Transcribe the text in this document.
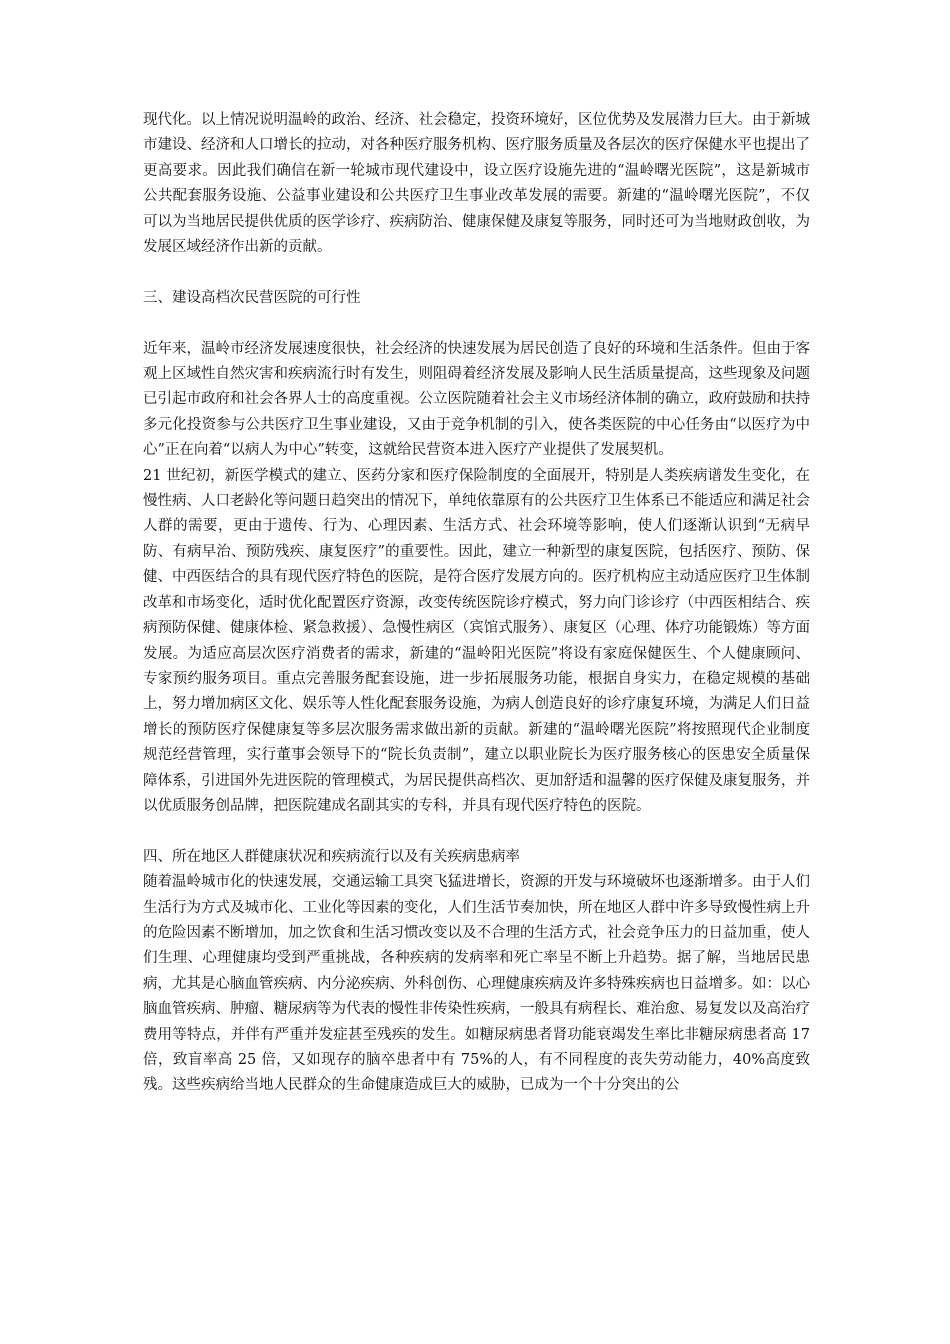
现代化。以上情况说明温岭的政治、经济、社会稳定，投资环境好，区位优势及发展潜力巨大。由于新城市建设、经济和人口增长的拉动，对各种医疗服务机构、医疗服务质量及各层次的医疗保健水平也提出了更高要求。因此我们确信在新一轮城市现代建设中，设立医疗设施先进的“温岭曙光医院”，这是新城市公共配套服务设施、公益事业建设和公共医疗卫生事业改革发展的需要。新建的“温岭曙光医院”，不仅可以为当地居民提供优质的医学诊疗、疾病防治、健康保健及康复等服务，同时还可为当地财政创收，为发展区域经济作出新的贡献。

三、建设高档次民营医院的可行性

近年来，温岭市经济发展速度很快，社会经济的快速发展为居民创造了良好的环境和生活条件。但由于客观上区域性自然灾害和疾病流行时有发生，则阻碍着经济发展及影响人民生活质量提高，这些现象及问题已引起市政府和社会各界人士的高度重视。公立医院随着社会主义市场经济体制的确立，政府鼓励和扶持多元化投资参与公共医疗卫生事业建设，又由于竞争机制的引入，使各类医院的中心任务由“以医疗为中心”正在向着“以病人为中心”转变，这就给民营资本进入医疗产业提供了发展契机。

21 世纪初，新医学模式的建立、医药分家和医疗保险制度的全面展开，特别是人类疾病谱发生变化，在慢性病、人口老龄化等问题日趋突出的情况下，单纯依靠原有的公共医疗卫生体系已不能适应和满足社会人群的需要，更由于遗传、行为、心理因素、生活方式、社会环境等影响，使人们逐渐认识到“无病早防、有病早治、预防残疾、康复医疗”的重要性。因此，建立一种新型的康复医院，包括医疗、预防、保健、中西医结合的具有现代医疗特色的医院，是符合医疗发展方向的。医疗机构应主动适应医疗卫生体制改革和市场变化，适时优化配置医疗资源，改变传统医院诊疗模式，努力向门诊诊疗（中西医相结合、疾病预防保健、健康体检、紧急救援）、急慢性病区（宾馆式服务）、康复区（心理、体疗功能锻炼）等方面发展。为适应高层次医疗消费者的需求，新建的“温岭阳光医院”将设有家庭保健医生、个人健康顾问、专家预约服务项目。重点完善服务配套设施，进一步拓展服务功能，根据自身实力，在稳定规模的基础上，努力增加病区文化、娱乐等人性化配套服务设施，为病人创造良好的诊疗康复环境，为满足人们日益增长的预防医疗保健康复等多层次服务需求做出新的贡献。新建的“温岭曙光医院”将按照现代企业制度规范经营管理，实行董事会领导下的“院长负责制”，建立以职业院长为医疗服务核心的医患安全质量保障体系，引进国外先进医院的管理模式，为居民提供高档次、更加舒适和温馨的医疗保健及康复服务，并以优质服务创品牌，把医院建成名副其实的专科，并具有现代医疗特色的医院。

四、所在地区人群健康状况和疾病流行以及有关疾病患病率

随着温岭城市化的快速发展，交通运输工具突飞猛进增长，资源的开发与环境破坏也逐渐增多。由于人们生活行为方式及城市化、工业化等因素的变化，人们生活节奏加快，所在地区人群中许多导致慢性病上升的危险因素不断增加，加之饮食和生活习惯改变以及不合理的生活方式，社会竞争压力的日益加重，使人们生理、心理健康均受到严重挑战，各种疾病的发病率和死亡率呈不断上升趋势。据了解，当地居民患病，尤其是心脑血管疾病、内分泌疾病、外科创伤、心理健康疾病及许多特殊疾病也日益增多。如：以心脑血管疾病、肿瘤、糖尿病等为代表的慢性非传染性疾病，一般具有病程长、难治愈、易复发以及高治疗费用等特点，并伴有严重并发症甚至残疾的发生。如糖尿病患者肾功能衰竭发生率比非糖尿病患者高 17倍，致盲率高 25 倍，又如现存的脑卒患者中有 75%的人，有不同程度的丧失劳动能力，40%高度致残。这些疾病给当地人民群众的生命健康造成巨大的威胁，已成为一个十分突出的公
